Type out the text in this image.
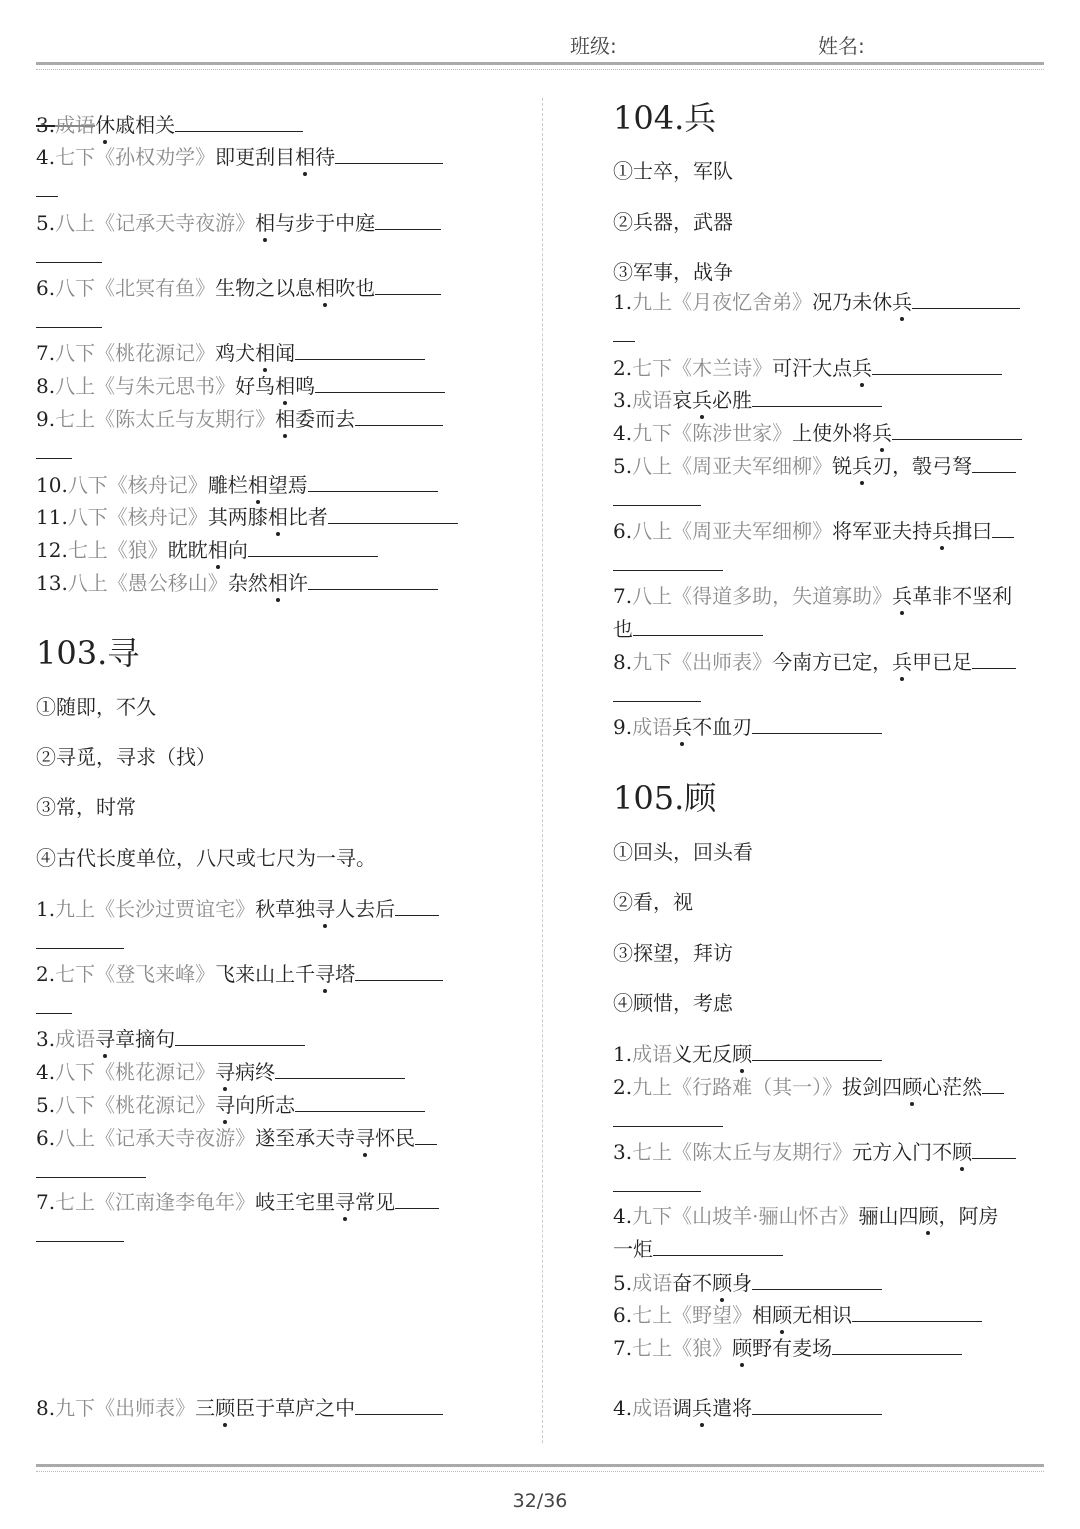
班级:	姓名:
3.成语休戚相关
4.七下《孙权劝学》即更刮目相待
5.八上《记承天寺夜游》相与步于中庭
6.八下《北冥有鱼》生物之以息相吹也
7.八下《桃花源记》鸡犬相闻
8.八上《与朱元思书》好鸟相鸣
9.七上《陈太丘与友期行》相委而去
10.八下《核舟记》雕栏相望焉
11.八下《核舟记》其两膝相比者
12.七上《狼》眈眈相向
13.八上《愚公移山》杂然相许
103.寻
①随即，不久
②寻觅，寻求（找）
③常，时常
④古代长度单位，八尺或七尺为一寻。
1.九上《长沙过贾谊宅》秋草独寻人去后
2.七下《登飞来峰》飞来山上千寻塔
3.成语寻章摘句
4.八下《桃花源记》寻病终
5.八下《桃花源记》寻向所志
6.八上《记承天寺夜游》遂至承天寺寻怀民
7.七上《江南逢李龟年》岐王宅里寻常见
8.九下《出师表》三顾臣于草庐之中
104.兵
①士卒，军队
②兵器，武器
③军事，战争
1.九上《月夜忆舍弟》况乃未休兵
2.七下《木兰诗》可汗大点兵
3.成语哀兵必胜
4.九下《陈涉世家》上使外将兵
5.八上《周亚夫军细柳》锐兵刃，彀弓弩
6.八上《周亚夫军细柳》将军亚夫持兵揖曰
7.八上《得道多助，失道寡助》兵革非不坚利
也
8.九下《出师表》今南方已定，兵甲已足
9.成语兵不血刃
105.顾
①回头，回头看
②看，视
③探望，拜访
④顾惜，考虑
1.成语义无反顾
2.九上《行路难（其一）》拔剑四顾心茫然
3.七上《陈太丘与友期行》元方入门不顾
4.九下《山坡羊·骊山怀古》骊山四顾，阿房
一炬
5.成语奋不顾身
6.七上《野望》相顾无相识
7.七上《狼》顾野有麦场
4.成语调兵遣将
32/36
